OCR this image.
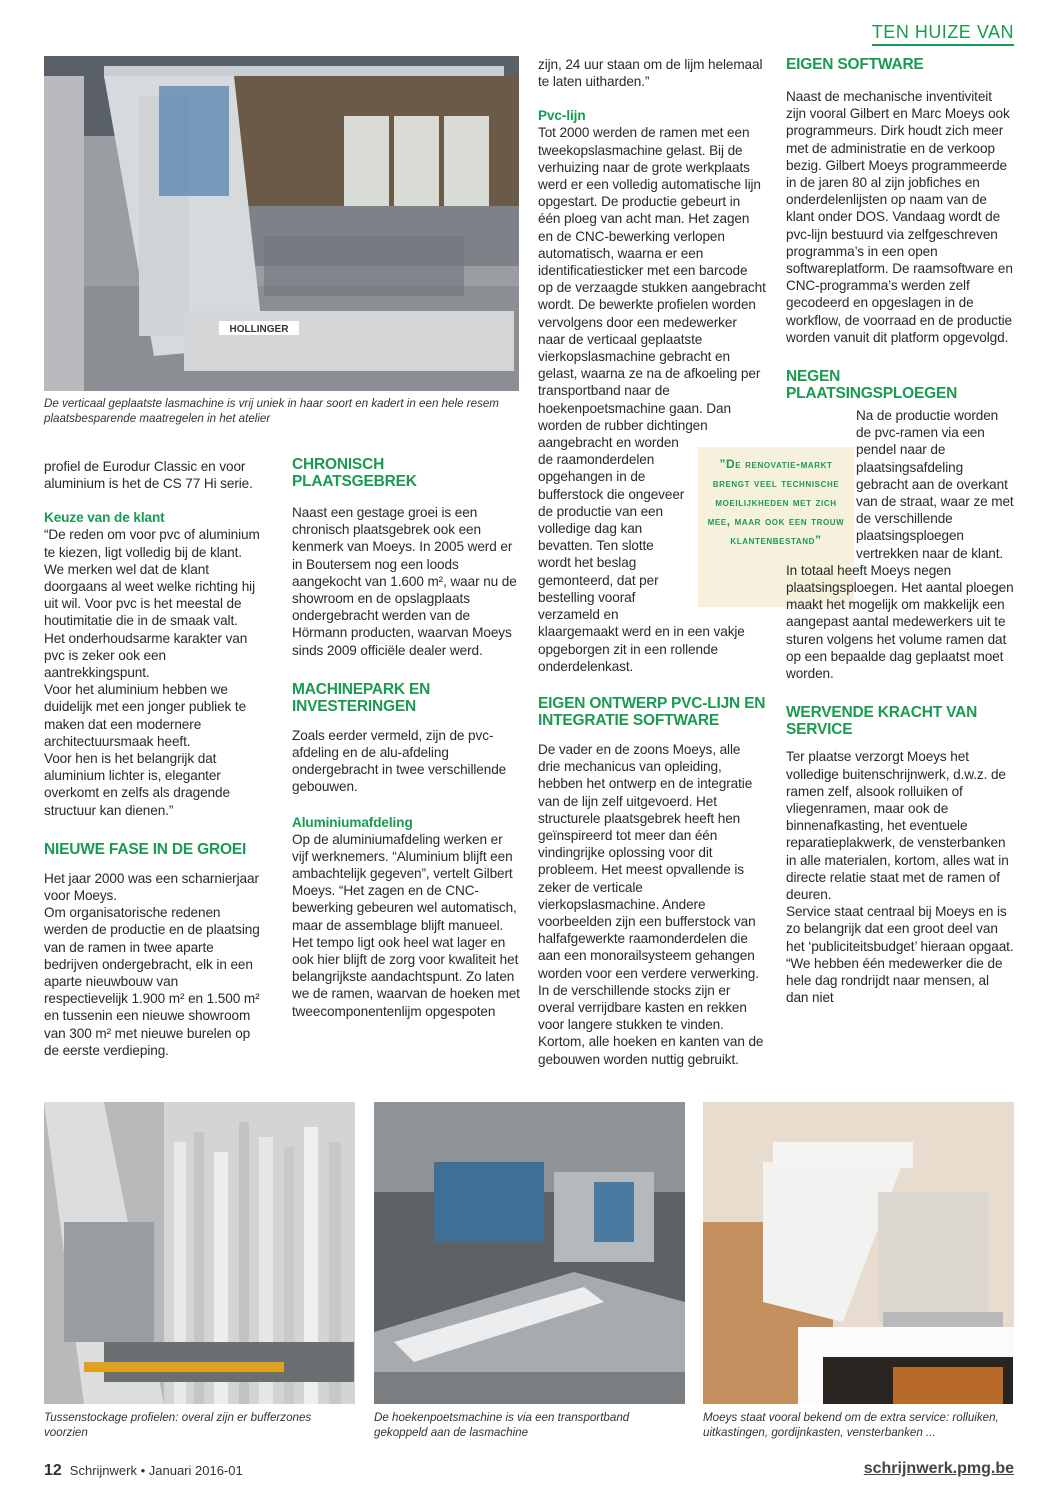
TEN HUIZE VAN
HOLLINGER
De verticaal geplaatste lasmachine is vrij uniek in haar soort en kadert in een hele resem plaatsbesparende maatregelen in het atelier

profiel de Eurodur Classic en voor aluminium is het de CS 77 Hi serie.

Keuze van de klant

“De reden om voor pvc of aluminium te kiezen, ligt volledig bij de klant. We merken wel dat de klant doorgaans al weet welke richting hij uit wil. Voor pvc is het meestal de houtimitatie die in de smaak valt. Het onderhoudsarme karakter van pvc is zeker ook een aantrekkingspunt.

Voor het aluminium hebben we duidelijk met een jonger publiek te maken dat een modernere architectuursmaak heeft.

Voor hen is het belangrijk dat aluminium lichter is, eleganter overkomt en zelfs als dragende structuur kan dienen.”

NIEUWE FASE IN DE GROEI

Het jaar 2000 was een scharnierjaar voor Moeys.

Om organisatorische redenen werden de productie en de plaatsing van de ramen in twee aparte bedrijven ondergebracht, elk in een aparte nieuwbouw van respectievelijk 1.900 m² en 1.500 m² en tussenin een nieuwe showroom van 300 m² met nieuwe burelen op de eerste verdieping.

CHRONISCH PLAATSGEBREK

Naast een gestage groei is een chronisch plaatsgebrek ook een kenmerk van Moeys. In 2005 werd er in Boutersem nog een loods aangekocht van 1.600 m², waar nu de showroom en de opslagplaats ondergebracht werden van de Hörmann producten, waarvan Moeys sinds 2009 officiële dealer werd.

MACHINEPARK EN INVESTERINGEN

Zoals eerder vermeld, zijn de pvc-afdeling en de alu-afdeling ondergebracht in twee verschillende gebouwen.

Aluminiumafdeling

Op de aluminiumafdeling werken er vijf werknemers. “Aluminium blijft een ambachtelijk gegeven”, vertelt Gilbert Moeys. “Het zagen en de CNC-bewerking gebeuren wel automatisch, maar de assemblage blijft manueel. Het tempo ligt ook heel wat lager en ook hier blijft de zorg voor kwaliteit het belangrijkste aandachtspunt. Zo laten we de ramen, waarvan de hoeken met tweecomponentenlijm opgespoten

zijn, 24 uur staan om de lijm helemaal te laten uitharden.”

Pvc-lijn

Tot 2000 werden de ramen met een tweekopslasmachine gelast. Bij de verhuizing naar de grote werkplaats werd er een volledig automatische lijn opgestart. De productie gebeurt in één ploeg van acht man. Het zagen en de CNC-bewerking verlopen automatisch, waarna er een identificatiesticker met een barcode op de verzaagde stukken aangebracht wordt. De bewerkte profielen worden vervolgens door een medewerker naar de verticaal geplaatste vierkopslasmachine gebracht en gelast, waarna ze na de afkoeling per transportband naar de hoekenpoetsmachine gaan. Dan worden de rubber dichtingen

aangebracht en worden de raamonderdelen opgehangen in de bufferstock die ongeveer de productie van een volledige dag kan bevatten. Ten slotte wordt het beslag gemonteerd, dat per bestelling vooraf verzameld en

klaargemaakt werd en in een vakje opgeborgen zit in een rollende onderdelenkast.

EIGEN ONTWERP PVC-LIJN EN INTEGRATIE SOFTWARE

De vader en de zoons Moeys, alle drie mechanicus van opleiding, hebben het ontwerp en de integratie van de lijn zelf uitgevoerd. Het structurele plaatsgebrek heeft hen geïnspireerd tot meer dan één vindingrijke oplossing voor dit probleem. Het meest opvallende is zeker de verticale vierkopslasmachine. Andere voorbeelden zijn een bufferstock van halfafgewerkte raamonderdelen die aan een monorailsysteem gehangen worden voor een verdere verwerking. In de verschillende stocks zijn er overal verrijdbare kasten en rekken voor langere stukken te vinden. Kortom, alle hoeken en kanten van de gebouwen worden nuttig gebruikt.

”De renovatie-markt brengt veel technische moeilijkheden met zich mee, maar ook een trouw klantenbestand”

EIGEN SOFTWARE

Naast de mechanische inventiviteit zijn vooral Gilbert en Marc Moeys ook programmeurs. Dirk houdt zich meer met de administratie en de verkoop bezig. Gilbert Moeys programmeerde in de jaren 80 al zijn jobfiches en onderdelenlijsten op naam van de klant onder DOS. Vandaag wordt de pvc-lijn bestuurd via zelfgeschreven programma’s in een open softwareplatform. De raamsoftware en CNC-programma’s werden zelf gecodeerd en opgeslagen in de workflow, de voorraad en de productie worden vanuit dit platform opgevolgd.

NEGEN PLAATSINGSPLOEGEN

Na de productie worden de pvc-ramen via een pendel naar de plaatsingsafdeling gebracht aan de overkant van de straat, waar ze met de verschillende plaatsingsploegen vertrekken naar de klant.

In totaal heeft Moeys negen plaatsingsploegen. Het aantal ploegen maakt het mogelijk om makkelijk een aangepast aantal medewerkers uit te sturen volgens het volume ramen dat op een bepaalde dag geplaatst moet worden.

WERVENDE KRACHT VAN SERVICE

Ter plaatse verzorgt Moeys het volledige buitenschrijnwerk, d.w.z. de ramen zelf, alsook rolluiken of vliegenramen, maar ook de binnenafkasting, het eventuele reparatieplakwerk, de vensterbanken in alle materialen, kortom, alles wat in directe relatie staat met de ramen of deuren.

Service staat centraal bij Moeys en is zo belangrijk dat een groot deel van het ‘publiciteitsbudget’ hieraan opgaat. “We hebben één medewerker die de hele dag rondrijdt naar mensen, al dan niet

Tussenstockage profielen: overal zijn er bufferzones voorzien
De hoekenpoetsmachine is via een transportband gekoppeld aan de lasmachine
Moeys staat vooral bekend om de extra service: rolluiken, uitkastingen, gordijnkasten, vensterbanken ...
12 Schrijnwerk • Januari 2016-01	schrijnwerk.pmg.be
